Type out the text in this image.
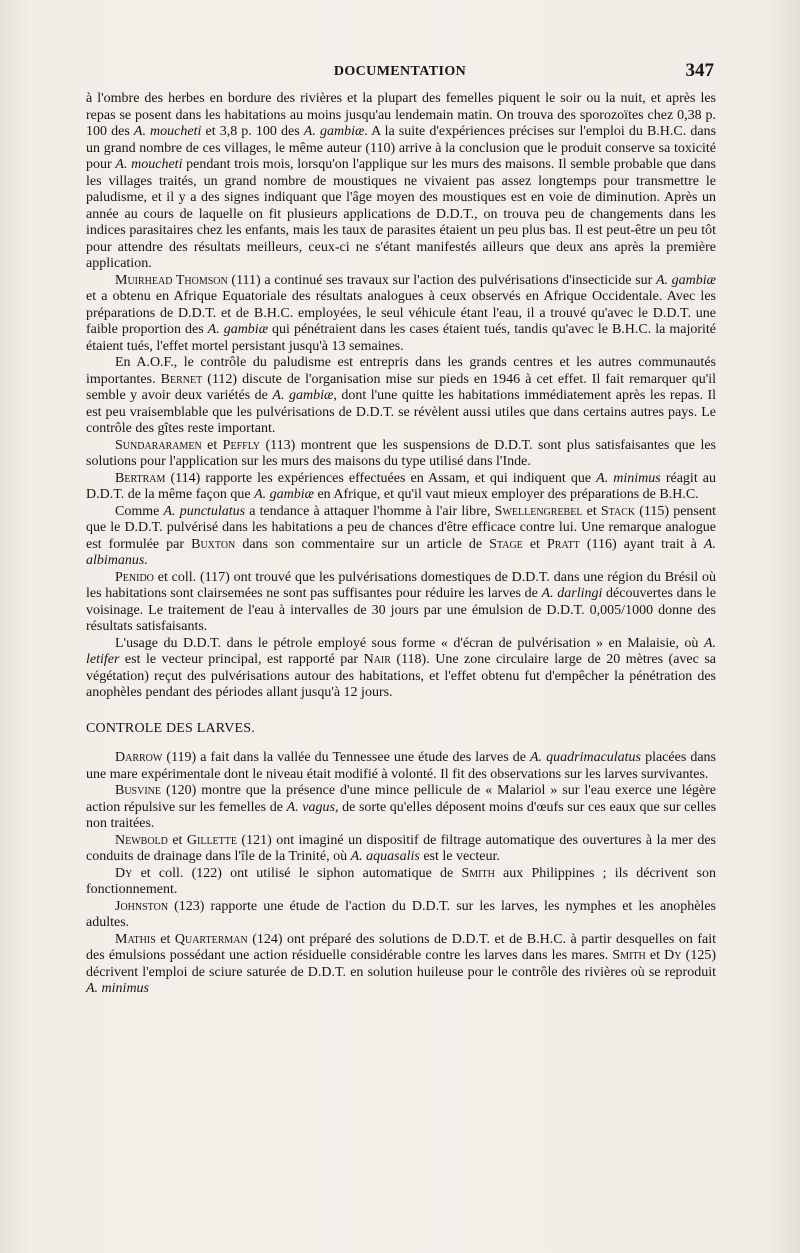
DOCUMENTATION	347

à l'ombre des herbes en bordure des rivières et la plupart des femelles piquent le soir ou la nuit, et après les repas se posent dans les habitations au moins jusqu'au lendemain matin. On trouva des sporozoïtes chez 0,38 p. 100 des A. moucheti et 3,8 p. 100 des A. gambiæ. A la suite d'expériences précises sur l'emploi du B.H.C. dans un grand nombre de ces villages, le même auteur (110) arrive à la conclusion que le produit conserve sa toxicité pour A. moucheti pendant trois mois, lorsqu'on l'applique sur les murs des maisons. Il semble probable que dans les villages traités, un grand nombre de moustiques ne vivaient pas assez longtemps pour transmettre le paludisme, et il y a des signes indiquant que l'âge moyen des moustiques est en voie de diminution. Après un année au cours de laquelle on fit plusieurs applications de D.D.T., on trouva peu de changements dans les indices parasitaires chez les enfants, mais les taux de parasites étaient un peu plus bas. Il est peut-être un peu tôt pour attendre des résultats meilleurs, ceux-ci ne s'étant manifestés ailleurs que deux ans après la première application.

Muirhead Thomson (111) a continué ses travaux sur l'action des pulvérisations d'insecticide sur A. gambiæ et a obtenu en Afrique Equatoriale des résultats analogues à ceux observés en Afrique Occidentale. Avec les préparations de D.D.T. et de B.H.C. employées, le seul véhicule étant l'eau, il a trouvé qu'avec le D.D.T. une faible proportion des A. gambiæ qui pénétraient dans les cases étaient tués, tandis qu'avec le B.H.C. la majorité étaient tués, l'effet mortel persistant jusqu'à 13 semaines.

En A.O.F., le contrôle du paludisme est entrepris dans les grands centres et les autres communautés importantes. Bernet (112) discute de l'organisation mise sur pieds en 1946 à cet effet. Il fait remarquer qu'il semble y avoir deux variétés de A. gambiæ, dont l'une quitte les habitations immédiatement après les repas. Il est peu vraisemblable que les pulvérisations de D.D.T. se révèlent aussi utiles que dans certains autres pays. Le contrôle des gîtes reste important.

Sundararamen et Peffly (113) montrent que les suspensions de D.D.T. sont plus satisfaisantes que les solutions pour l'application sur les murs des maisons du type utilisé dans l'Inde.

Bertram (114) rapporte les expériences effectuées en Assam, et qui indiquent que A. minimus réagit au D.D.T. de la même façon que A. gambiæ en Afrique, et qu'il vaut mieux employer des préparations de B.H.C.

Comme A. punctulatus a tendance à attaquer l'homme à l'air libre, Swellengrebel et Stack (115) pensent que le D.D.T. pulvérisé dans les habitations a peu de chances d'être efficace contre lui. Une remarque analogue est formulée par Buxton dans son commentaire sur un article de Stage et Pratt (116) ayant trait à A. albimanus.

Penido et coll. (117) ont trouvé que les pulvérisations domestiques de D.D.T. dans une région du Brésil où les habitations sont clairsemées ne sont pas suffisantes pour réduire les larves de A. darlingi découvertes dans le voisinage. Le traitement de l'eau à intervalles de 30 jours par une émulsion de D.D.T. 0,005/1000 donne des résultats satisfaisants.

L'usage du D.D.T. dans le pétrole employé sous forme « d'écran de pulvérisation » en Malaisie, où A. letifer est le vecteur principal, est rapporté par Nair (118). Une zone circulaire large de 20 mètres (avec sa végétation) reçut des pulvérisations autour des habitations, et l'effet obtenu fut d'empêcher la pénétration des anophèles pendant des périodes allant jusqu'à 12 jours.

CONTROLE DES LARVES.

Darrow (119) a fait dans la vallée du Tennessee une étude des larves de A. quadrimaculatus placées dans une mare expérimentale dont le niveau était modifié à volonté. Il fit des observations sur les larves survivantes.

Busvine (120) montre que la présence d'une mince pellicule de « Malariol » sur l'eau exerce une légère action répulsive sur les femelles de A. vagus, de sorte qu'elles déposent moins d'œufs sur ces eaux que sur celles non traitées.

Newbold et Gillette (121) ont imaginé un dispositif de filtrage automatique des ouvertures à la mer des conduits de drainage dans l'île de la Trinité, où A. aquasalis est le vecteur.

Dy et coll. (122) ont utilisé le siphon automatique de Smith aux Philippines ; ils décrivent son fonctionnement.

Johnston (123) rapporte une étude de l'action du D.D.T. sur les larves, les nymphes et les anophèles adultes.

Mathis et Quarterman (124) ont préparé des solutions de D.D.T. et de B.H.C. à partir desquelles on fait des émulsions possédant une action résiduelle considérable contre les larves dans les mares. Smith et Dy (125) décrivent l'emploi de sciure saturée de D.D.T. en solution huileuse pour le contrôle des rivières où se reproduit A. minimus
